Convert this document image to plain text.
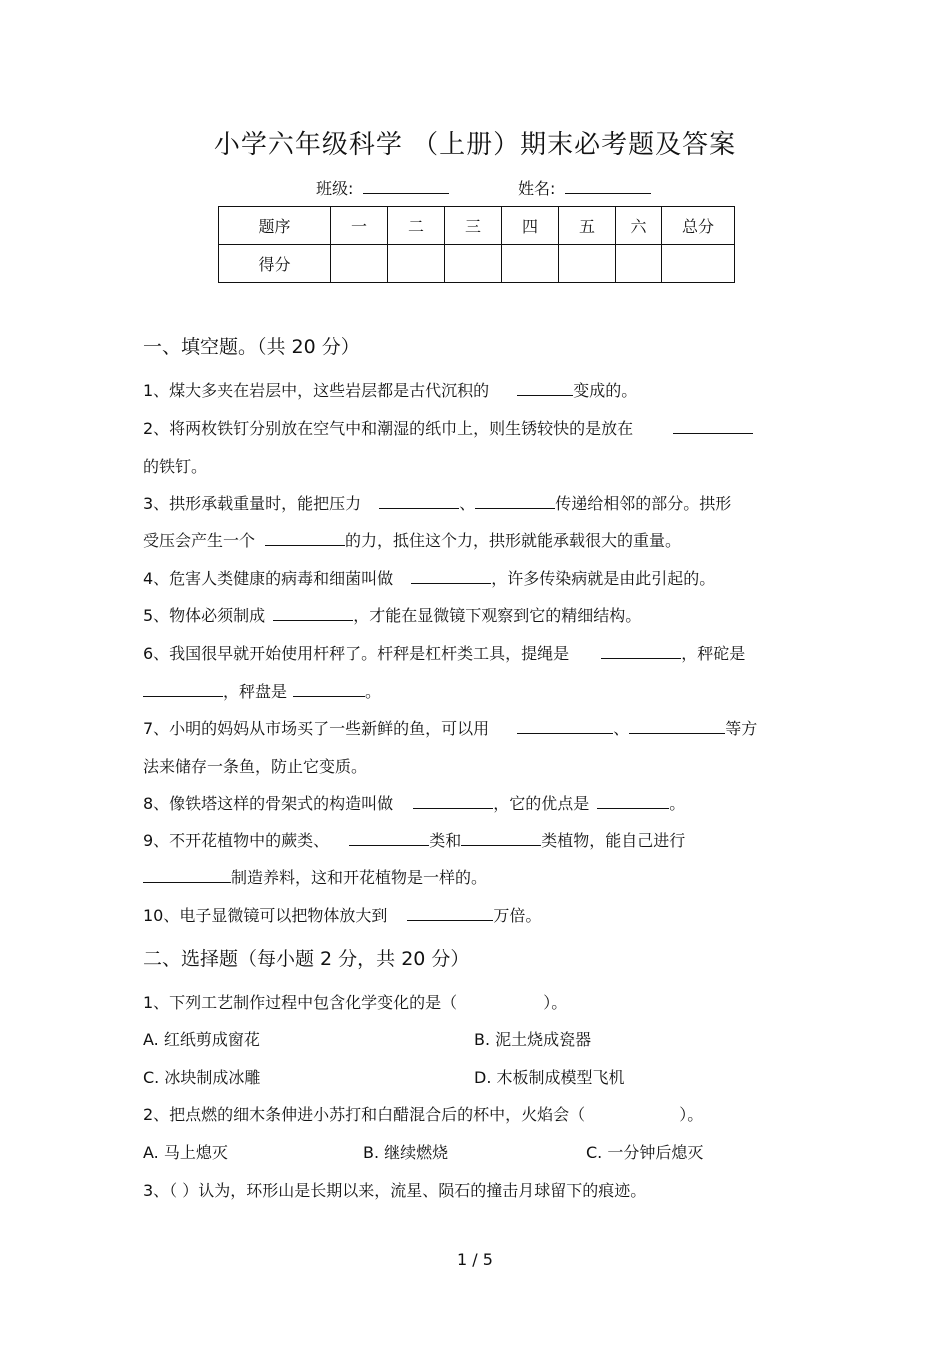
小学六年级科学 （上册）期末必考题及答案
班级:	姓名:
题序	一	二	三	四	五	六	总分
得分							
一、填空题。（共 20 分）
1、煤大多夹在岩层中，这些岩层都是古代沉积的	变成的。
2、将两枚铁钉分别放在空气中和潮湿的纸巾上，则生锈较快的是放在
的铁钉。
3、拱形承载重量时，能把压力	、	传递给相邻的部分。拱形
受压会产生一个	的力，抵住这个力，拱形就能承载很大的重量。
4、危害人类健康的病毒和细菌叫做	，许多传染病就是由此引起的。
5、物体必须制成	，才能在显微镜下观察到它的精细结构。
6、我国很早就开始使用杆秤了。杆秤是杠杆类工具，提绳是	，秤砣是
，秤盘是	。
7、小明的妈妈从市场买了一些新鲜的鱼，可以用	、	等方
法来储存一条鱼，防止它变质。
8、像铁塔这样的骨架式的构造叫做	，它的优点是	。
9、不开花植物中的蕨类、	类和	类植物，能自己进行
制造养料，这和开花植物是一样的。
10、电子显微镜可以把物体放大到	万倍。
二、选择题（每小题 2 分，共 20 分）
1、下列工艺制作过程中包含化学变化的是（	）。
A. 红纸剪成窗花	B. 泥土烧成瓷器
C. 冰块制成冰雕	D. 木板制成模型飞机
2、把点燃的细木条伸进小苏打和白醋混合后的杯中，火焰会（	）。
A. 马上熄灭	B. 继续燃烧	C. 一分钟后熄灭
3、（ ）认为，环形山是长期以来，流星、陨石的撞击月球留下的痕迹。
1 / 5
